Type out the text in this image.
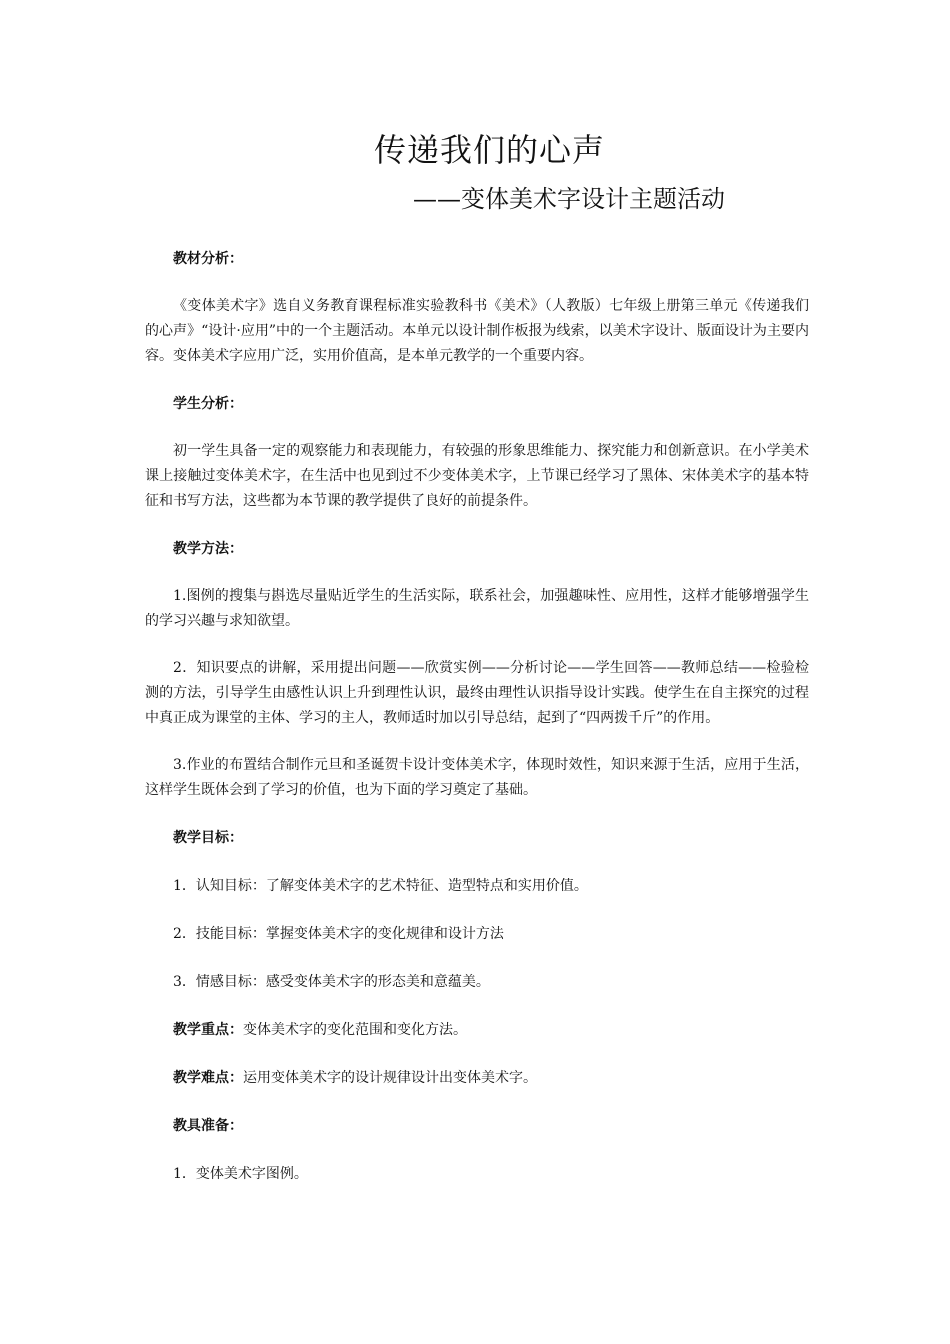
传递我们的心声
——变体美术字设计主题活动
教材分析：
《变体美术字》选自义务教育课程标准实验教科书《美术》（人教版）七年级上册第三单元《传递我们的心声》“设计·应用”中的一个主题活动。本单元以设计制作板报为线索，以美术字设计、版面设计为主要内容。变体美术字应用广泛，实用价值高，是本单元教学的一个重要内容。
学生分析：
初一学生具备一定的观察能力和表现能力，有较强的形象思维能力、探究能力和创新意识。在小学美术课上接触过变体美术字，在生活中也见到过不少变体美术字，上节课已经学习了黑体、宋体美术字的基本特征和书写方法，这些都为本节课的教学提供了良好的前提条件。
教学方法：
1.图例的搜集与斟选尽量贴近学生的生活实际，联系社会，加强趣味性、应用性，这样才能够增强学生的学习兴趣与求知欲望。
2．知识要点的讲解，采用提出问题——欣赏实例——分析讨论——学生回答——教师总结——检验检测的方法，引导学生由感性认识上升到理性认识，最终由理性认识指导设计实践。使学生在自主探究的过程中真正成为课堂的主体、学习的主人，教师适时加以引导总结，起到了“四两拨千斤”的作用。
3.作业的布置结合制作元旦和圣诞贺卡设计变体美术字，体现时效性，知识来源于生活，应用于生活，这样学生既体会到了学习的价值，也为下面的学习奠定了基础。
教学目标：
1．认知目标：了解变体美术字的艺术特征、造型特点和实用价值。
2．技能目标：掌握变体美术字的变化规律和设计方法
3．情感目标：感受变体美术字的形态美和意蕴美。
教学重点：变体美术字的变化范围和变化方法。
教学难点：运用变体美术字的设计规律设计出变体美术字。
教具准备：
1．变体美术字图例。
